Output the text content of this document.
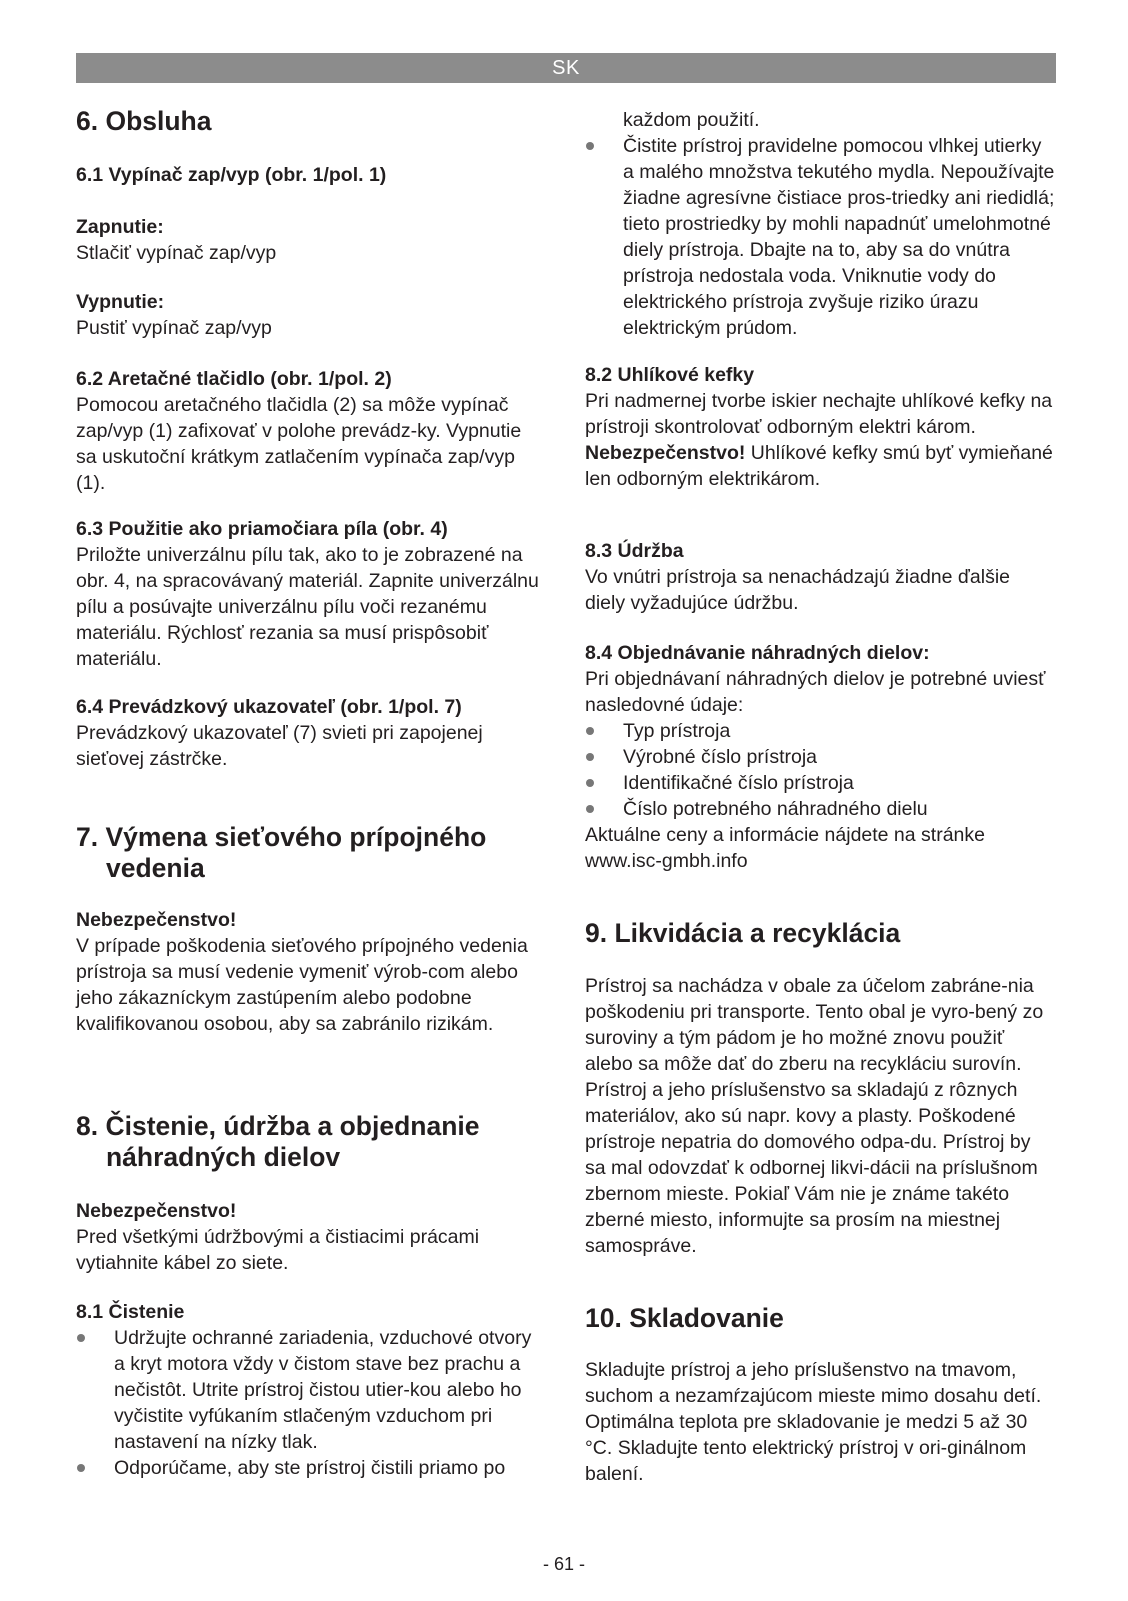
SK
6. Obsluha
6.1 Vypínač zap/vyp (obr. 1/pol. 1)

Zapnutie:

Stlačiť vypínač zap/vyp

Vypnutie:

Pustiť vypínač zap/vyp

6.2 Aretačné tlačidlo (obr. 1/pol. 2)

Pomocou aretačného tlačidla (2) sa môže vypínač zap/vyp (1) zafixovať v polohe prevádz-ky. Vypnutie sa uskutoční krátkym zatlačením vypínača zap/vyp (1).

6.3 Použitie ako priamočiara píla (obr. 4)

Priložte univerzálnu pílu tak, ako to je zobrazené na obr. 4, na spracovávaný materiál. Zapnite univerzálnu pílu a posúvajte univerzálnu pílu voči rezanému materiálu. Rýchlosť rezania sa musí prispôsobiť materiálu.

6.4 Prevádzkový ukazovateľ (obr. 1/pol. 7)

Prevádzkový ukazovateľ (7) svieti pri zapojenej sieťovej zástrčke.

7. Výmena sieťového prípojného vedenia

Nebezpečenstvo!

V prípade poškodenia sieťového prípojného vedenia prístroja sa musí vedenie vymeniť výrob-com alebo jeho zákazníckym zastúpením alebo podobne kvalifikovanou osobou, aby sa zabránilo rizikám.

8. Čistenie, údržba a objednanie náhradných dielov

Nebezpečenstvo!

Pred všetkými údržbovými a čistiacimi prácami vytiahnite kábel zo siete.

8.1 Čistenie

Udržujte ochranné zariadenia, vzduchové otvory a kryt motora vždy v čistom stave bez prachu a nečistôt. Utrite prístroj čistou utier-kou alebo ho vyčistite vyfúkaním stlačeným vzduchom pri nastavení na nízky tlak.
Odporúčame, aby ste prístroj čistili priamo po

každom použití.

Čistite prístroj pravidelne pomocou vlhkej utierky a malého množstva tekutého mydla. Nepoužívajte žiadne agresívne čistiace pros-triedky ani riedidlá; tieto prostriedky by mohli napadnúť umelohmotné diely prístroja. Dbajte na to, aby sa do vnútra prístroja nedostala voda. Vniknutie vody do elektrického prístroja zvyšuje riziko úrazu elektrickým prúdom.

8.2 Uhlíkové kefky

Pri nadmernej tvorbe iskier nechajte uhlíkové kefky na prístroji skontrolovať odborným elektri károm.

Nebezpečenstvo! Uhlíkové kefky smú byť vymieňané len odborným elektrikárom.

8.3 Údržba

Vo vnútri prístroja sa nenachádzajú žiadne ďalšie diely vyžadujúce údržbu.

8.4 Objednávanie náhradných dielov:

Pri objednávaní náhradných dielov je potrebné uviesť nasledovné údaje:

Typ prístroja
Výrobné číslo prístroja
Identifikačné číslo prístroja
Číslo potrebného náhradného dielu

Aktuálne ceny a informácie nájdete na stránke www.isc-gmbh.info

9. Likvidácia a recyklácia
Prístroj sa nachádza v obale za účelom zabráne-nia poškodeniu pri transporte. Tento obal je vyro-bený zo suroviny a tým pádom je ho možné znovu použiť alebo sa môže dať do zberu na recykláciu surovín. Prístroj a jeho príslušenstvo sa skladajú z rôznych materiálov, ako sú napr. kovy a plasty. Poškodené prístroje nepatria do domového odpa-du. Prístroj by sa mal odovzdať k odbornej likvi-dácii na príslušnom zbernom mieste. Pokiaľ Vám nie je známe takéto zberné miesto, informujte sa prosím na miestnej samospráve.
10. Skladovanie
Skladujte prístroj a jeho príslušenstvo na tmavom, suchom a nezamŕzajúcom mieste mimo dosahu detí. Optimálna teplota pre skladovanie je medzi 5 až 30 °C. Skladujte tento elektrický prístroj v ori-ginálnom balení.
- 61 -
